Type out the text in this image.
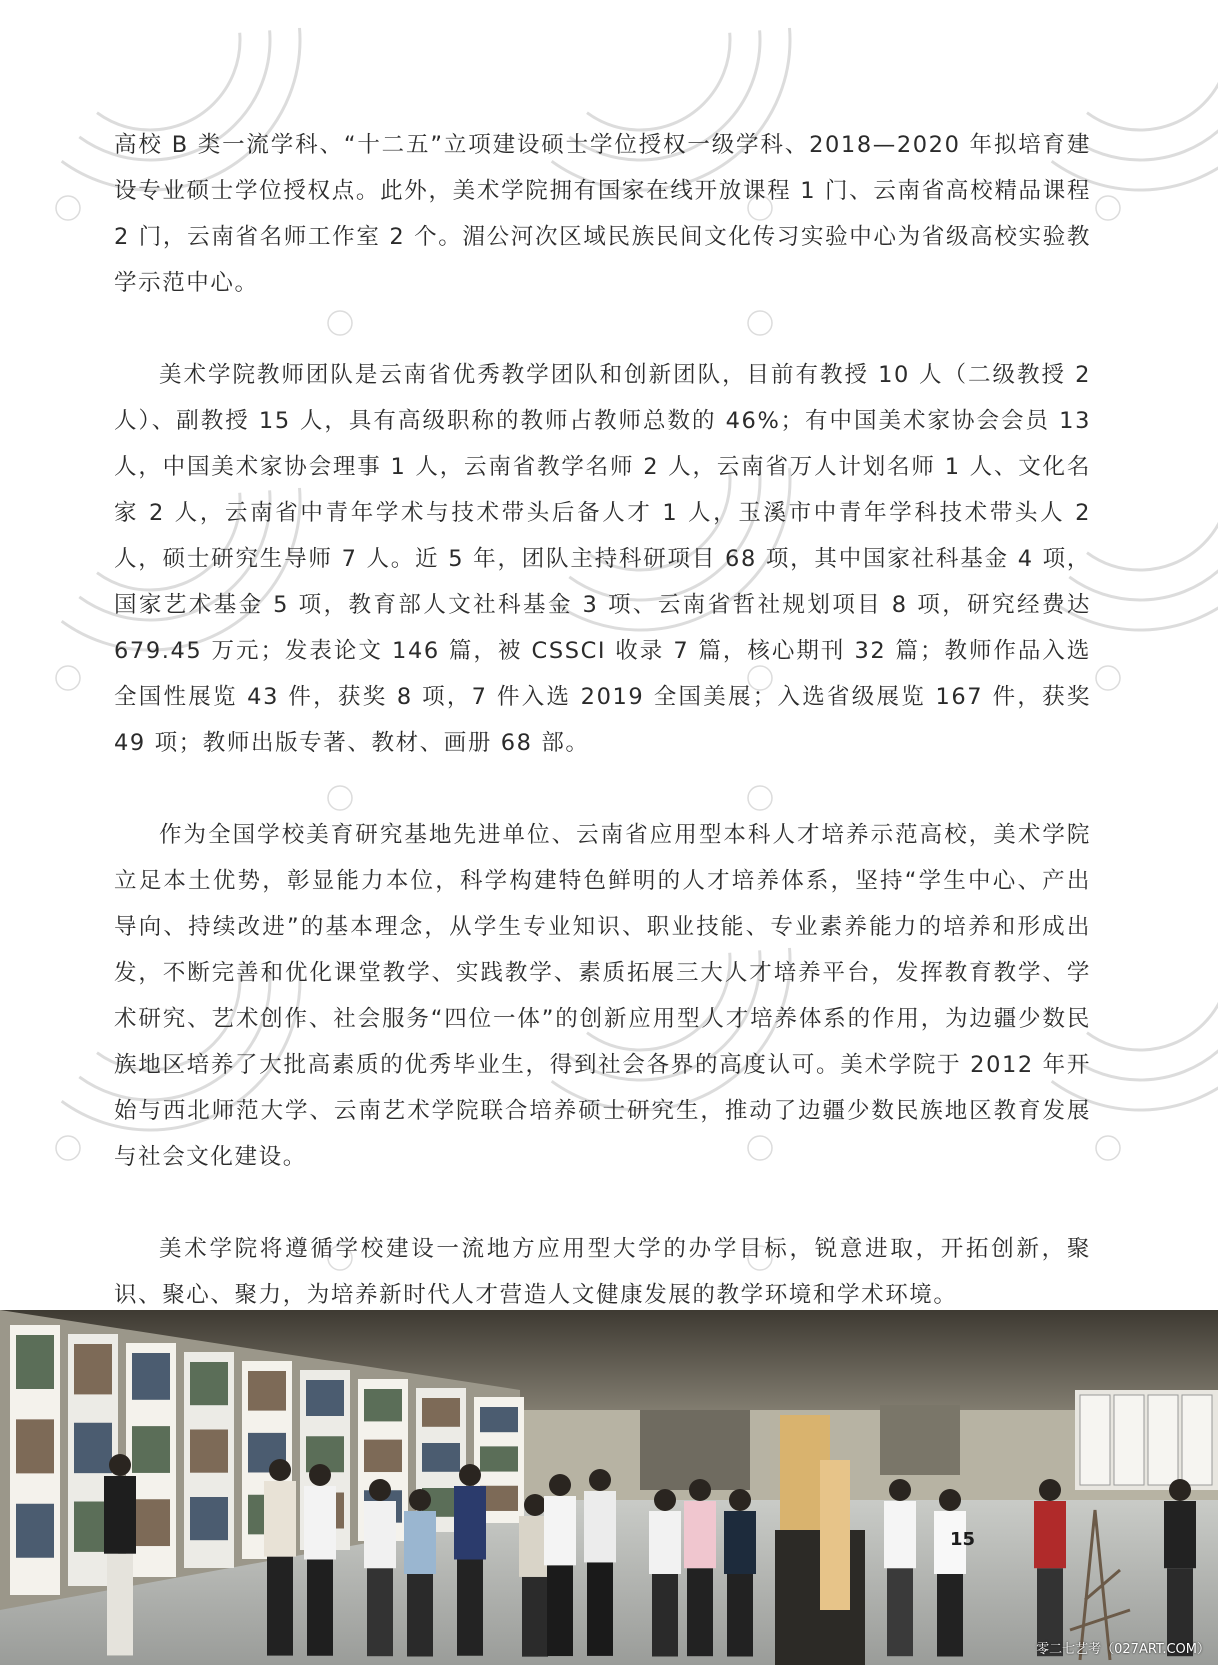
高校 B 类一流学科、“十二五”立项建设硕士学位授权一级学科、2018—2020 年拟培育建设专业硕士学位授权点。此外，美术学院拥有国家在线开放课程 1 门、云南省高校精品课程 2 门，云南省名师工作室 2 个。湄公河次区域民族民间文化传习实验中心为省级高校实验教学示范中心。

美术学院教师团队是云南省优秀教学团队和创新团队，目前有教授 10 人（二级教授 2 人）、副教授 15 人，具有高级职称的教师占教师总数的 46%；有中国美术家协会会员 13 人，中国美术家协会理事 1 人，云南省教学名师 2 人，云南省万人计划名师 1 人、文化名家 2 人，云南省中青年学术与技术带头后备人才 1 人，玉溪市中青年学科技术带头人 2 人，硕士研究生导师 7 人。近 5 年，团队主持科研项目 68 项，其中国家社科基金 4 项，国家艺术基金 5 项，教育部人文社科基金 3 项、云南省哲社规划项目 8 项，研究经费达 679.45 万元；发表论文 146 篇，被 CSSCI 收录 7 篇，核心期刊 32 篇；教师作品入选全国性展览 43 件，获奖 8 项，7 件入选 2019 全国美展；入选省级展览 167 件，获奖 49 项；教师出版专著、教材、画册 68 部。

作为全国学校美育研究基地先进单位、云南省应用型本科人才培养示范高校，美术学院立足本土优势，彰显能力本位，科学构建特色鲜明的人才培养体系，坚持“学生中心、产出导向、持续改进”的基本理念，从学生专业知识、职业技能、专业素养能力的培养和形成出发，不断完善和优化课堂教学、实践教学、素质拓展三大人才培养平台，发挥教育教学、学术研究、艺术创作、社会服务“四位一体”的创新应用型人才培养体系的作用，为边疆少数民族地区培养了大批高素质的优秀毕业生，得到社会各界的高度认可。美术学院于 2012 年开始与西北师范大学、云南艺术学院联合培养硕士研究生，推动了边疆少数民族地区教育发展与社会文化建设。

美术学院将遵循学校建设一流地方应用型大学的办学目标，锐意进取，开拓创新，聚识、聚心、聚力，为培养新时代人才营造人文健康发展的教学环境和学术环境。

15
零二七艺考（027ART.COM）
